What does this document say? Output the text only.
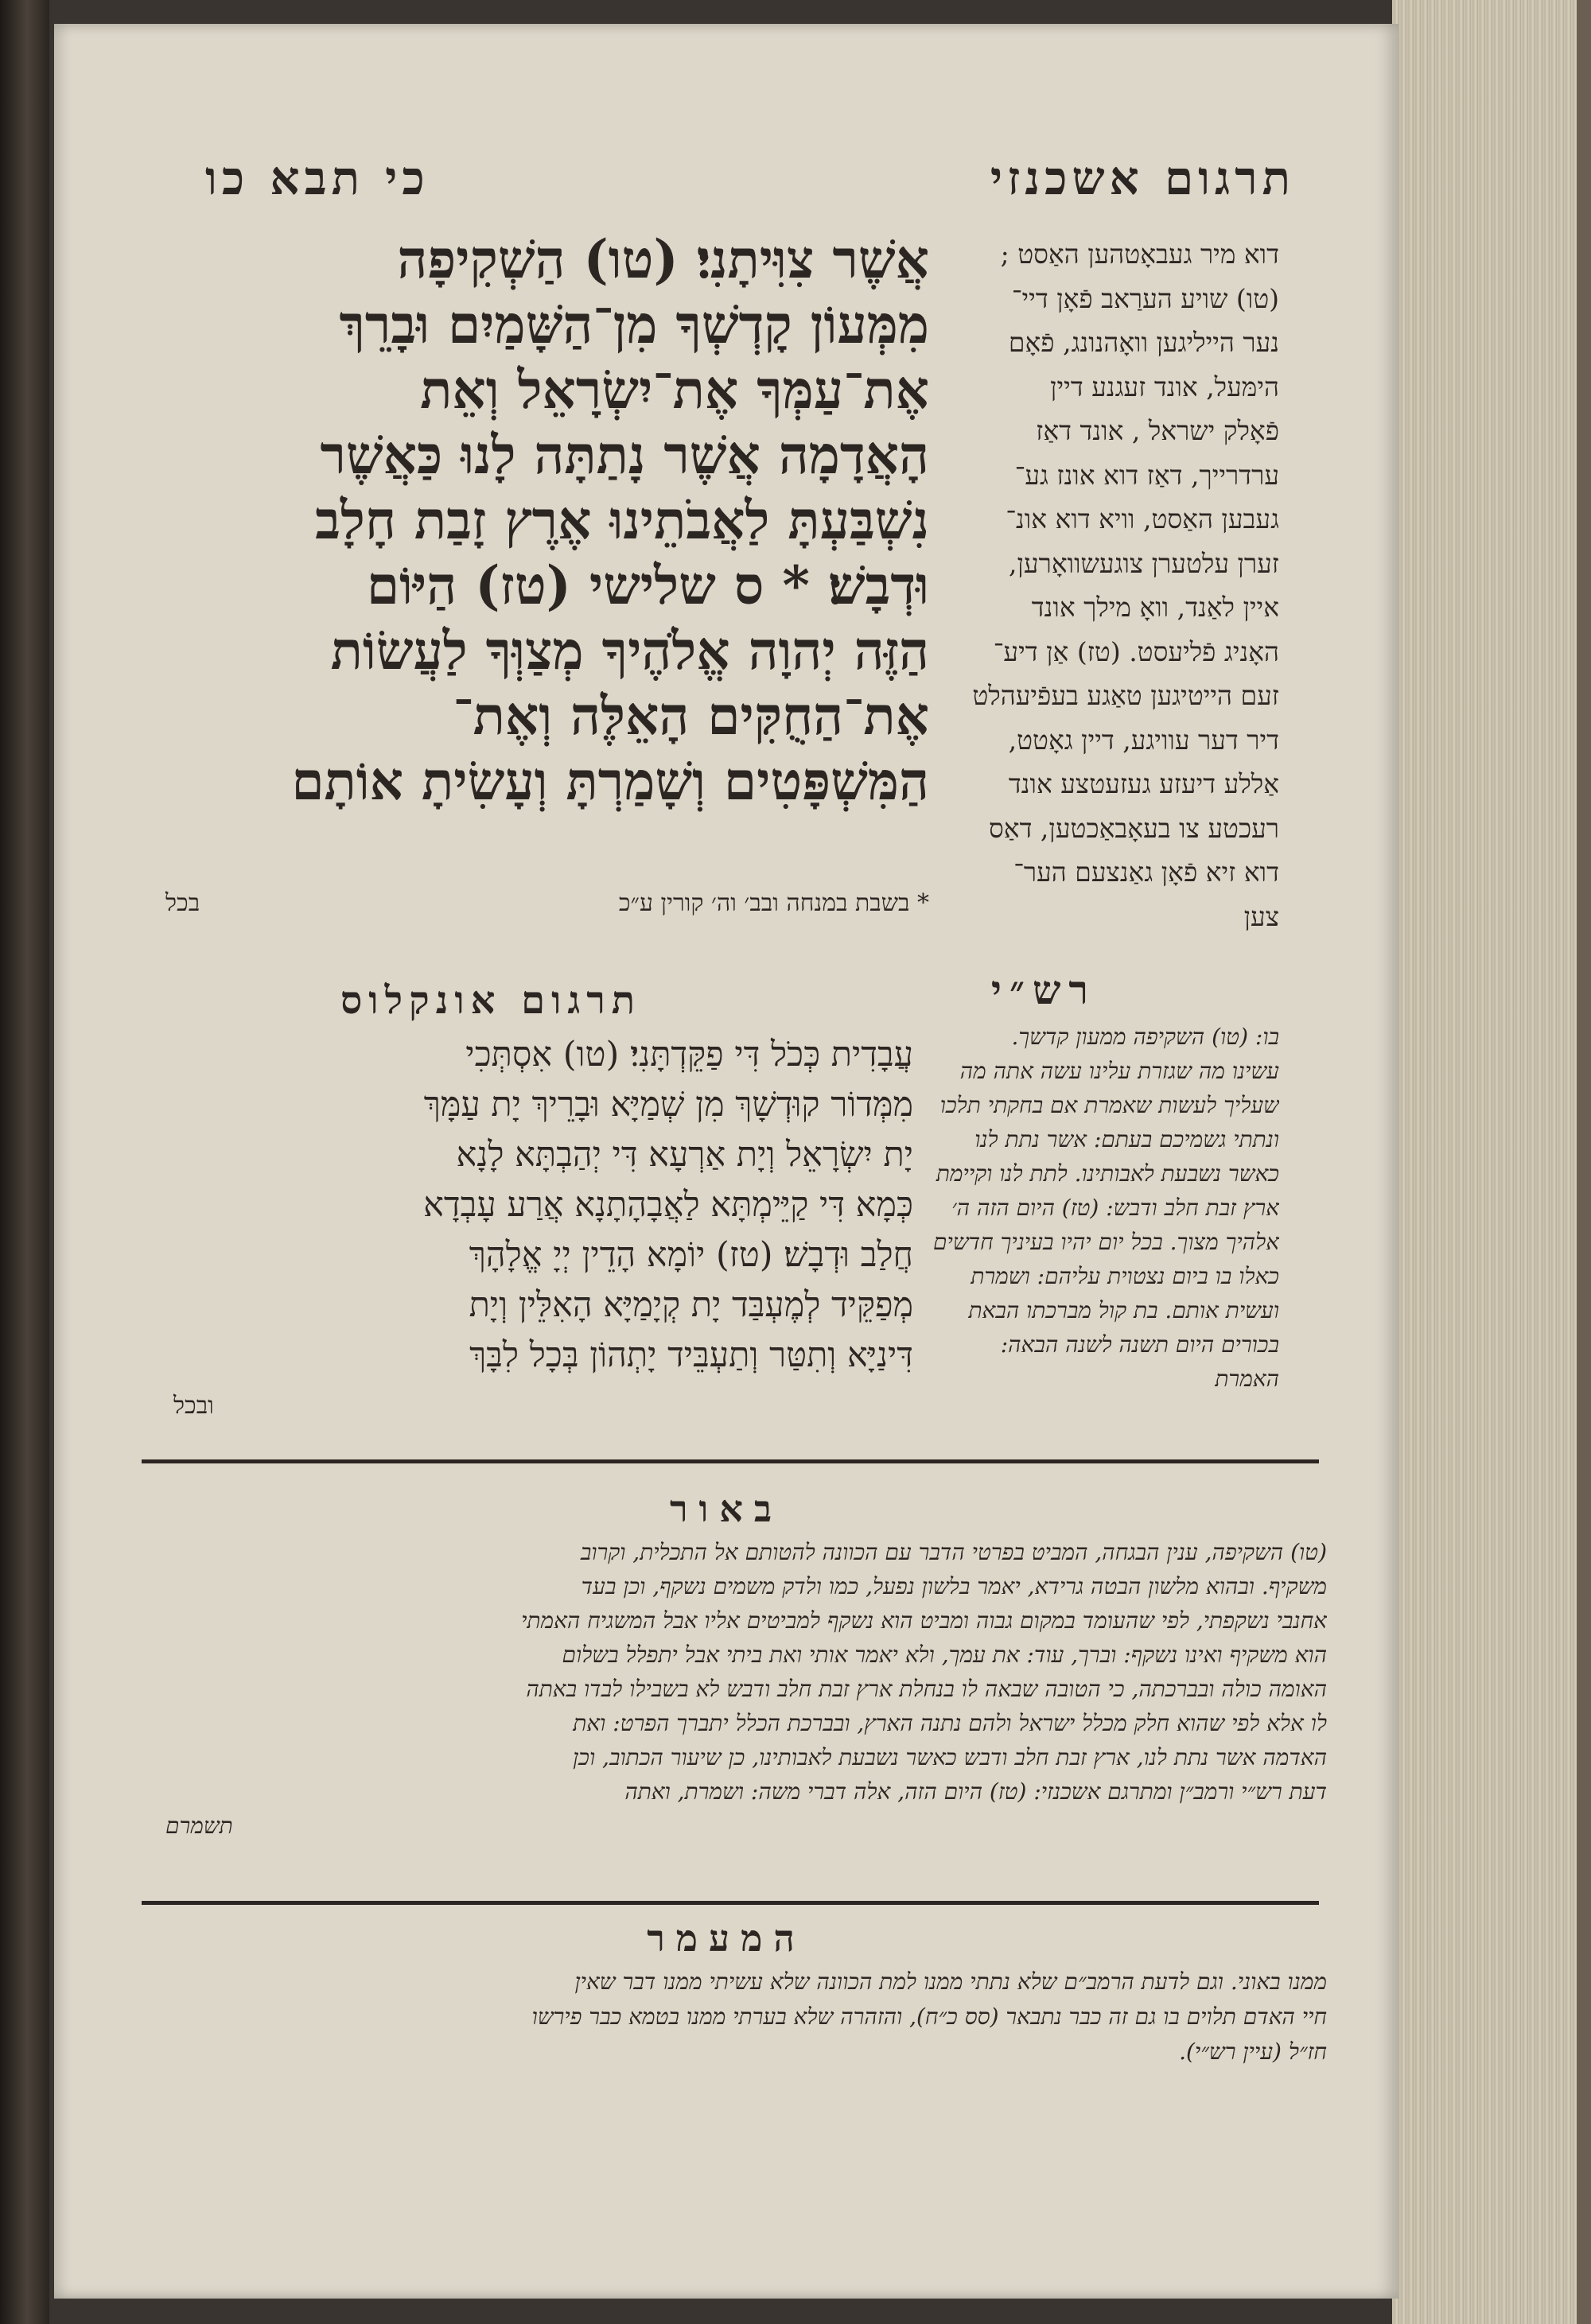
תרגום אשכנזי
כי תבא כו
אֲשֶׁר צִוִּיתָנִי׃ (טו) הַשְׁקִיפָה
מִמְּעוֹן קָדְשְׁךָ מִן־הַשָּׁמַיִם וּבָרֵךְ
אֶת־עַמְּךָ אֶת־יִשְׂרָאֵל וְאֵת
הָאֲדָמָה אֲשֶׁר נָתַתָּה לָנוּ כַּאֲשֶׁר
נִשְׁבַּעְתָּ לַאֲבֹתֵינוּ אֶרֶץ זָבַת חָלָב
וּדְבָשׁ׃ * ס שלישי (טז) הַיּוֹם
הַזֶּה יְהוָה אֱלֹהֶיךָ מְצַוְּךָ לַעֲשׂוֹת
אֶת־הַחֻקִּים הָאֵלֶּה וְאֶת־
הַמִּשְׁפָּטִים וְשָׁמַרְתָּ וְעָשִׂיתָ אוֹתָם
* בשבת במנחה ובב׳ וה׳ קורין ע״כ
בכל
דוא מיר געבאָטהען האַסט ;
(טו) שויע הערַאב פֿאָן דיי־
נער הייליגען וואָהנונג, פֿאָם
הימּעל, אונד זעגנע דיין
פֿאָלק ישראל , אונד דאַז
ערדרייך, דאַז דוא אונז גע־
געבען האַסט, וויא דוא אונ־
זערן עלטערן צוגעשוואָרען,
איין לאַנד, וואָ מילך אונד
האָניג פֿליעסט. (טז) אַן דיע־
זעם הייטיגען טאַגע בעפֿיעהלט
דיר דער עוויגע, דיין גאָטט,
אַללע דיעזע געזעטצע אונד
רעכטע צו בעאָבאַכטען, דאַס
דוא זיא פֿאָן גאַנצעם הער־
צען
רש״י
בו: (טו) השקיפה ממעון קדשך.
עשינו מה שגזרת עלינו עשה אתה מה
שעליך לעשות שאמרת אם בחקתי תלכו
ונתתי גשמיכם בעתם: אשר נתת לנו
כאשר נשבעת לאבותינו. לתת לנו וקיימת
ארץ זבת חלב ודבש: (טז) היום הזה ה׳
אלהיך מצוך. בכל יום יהיו בעיניך חדשים
כאלו בו ביום נצטוית עליהם: ושמרת
ועשית אותם. בת קול מברכתו הבאת
בכורים היום תשנה לשנה הבאה:
האמרת
תרגום אונקלוס
עֲבָדִית כְּכֹל דִּי פַקֵּדְתָּנִי׃ (טו) אִסְתְּכִי
מִמְּדוֹר קוּדְשָׁךְ מִן שְׁמַיָּא וּבָרֵיךְ יָת עַמָּךְ
יָת יִשְׂרָאֵל וְיָת אַרְעָא דִּי יְהַבְתָּא לָנָא
כְּמָא דִּי קַיֵּימְתָּא לַאֲבָהָתָנָא אֲרַע עָבְדָא
חֲלַב וּדְבָשׁ׃ (טז) יוֹמָא הָדֵין יְיָ אֱלָהָךְ
מְפַקֵּיד לְמֶעְבַּד יָת קְיָמַיָּא הָאִלֵּין וְיָת
דִּינַיָּא וְתִטַּר וְתַעְבֵּיד יָתְהוֹן בְּכָל לִבָּךְ
ובכל
באור
(טו) השקיפה, ענין הבגחה, המביט בפרטי הדבר עם הכוונה להטותם אל התכלית, וקרוב
משקיף. ובהוא מלשון הבטה גרידא, יאמר בלשון נפעל, כמו ולדק משמים נשקף, וכן בעד
אחנבי נשקפתי, לפי שהעומד במקום גבוה ומביט הוא נשקף למביטים אליו אבל המשגיח האמתי
הוא משקיף ואינו נשקף: וברך, עוד: את עמך, ולא יאמר אותי ואת ביתי אבל יתפלל בשלום
האומה כולה ובברכתה, כי הטובה שבאה לו בנחלת ארץ זבת חלב ודבש לא בשבילו לבדו באתה
לו אלא לפי שהוא חלק מכלל ישראל ולהם נתנה הארץ, ובברכת הכלל יתברך הפרט: ואת
האדמה אשר נתת לנו, ארץ זבת חלב ודבש כאשר נשבעת לאבותינו, כן שיעור הכתוב, וכן
דעת רש״י ורמב״ן ומתרגם אשכנזי: (טז) היום הזה, אלה דברי משה: ושמרת, ואתה
תשמרם
המעמר
ממנו באוני. וגם לדעת הרמב״ם שלא נתתי ממנו למת הכוונה שלא עשיתי ממנו דבר שאין
חיי האדם תלוים בו גם זה כבר נתבאר (סס כ״ח), והזהרה שלא בערתי ממנו בטמא כבר פירשו
חז״ל (עיין רש״י).
